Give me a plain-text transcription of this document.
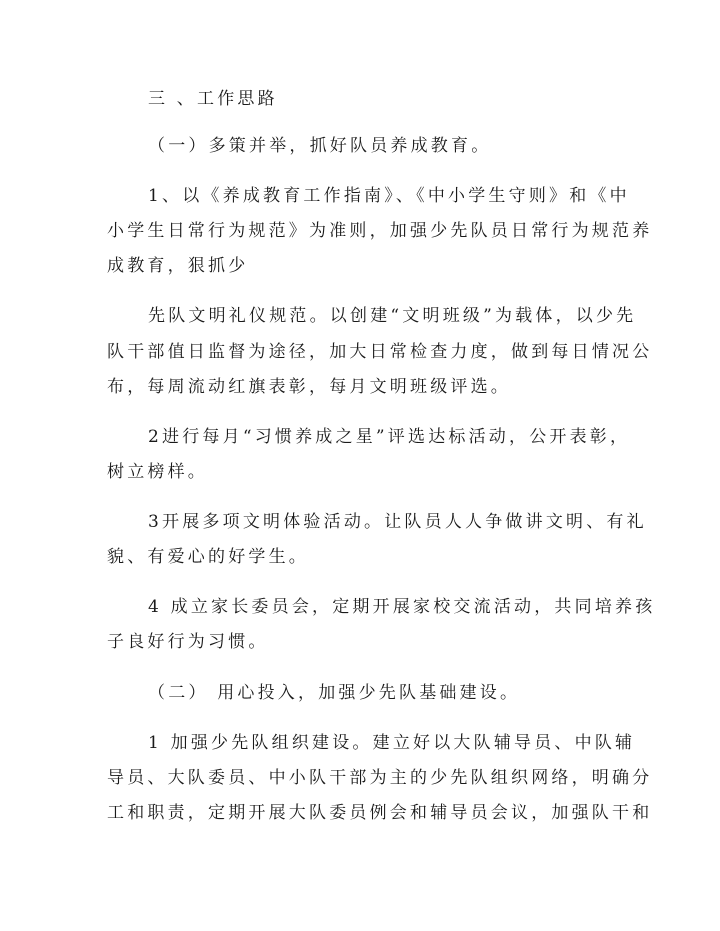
三 、工作思路
（一）多策并举，抓好队员养成教育。
1、以《养成教育工作指南》、《中小学生守则》和《中
小学生日常行为规范》为准则，加强少先队员日常行为规范养
成教育，狠抓少
先队文明礼仪规范。以创建“文明班级”为载体，以少先
队干部值日监督为途径，加大日常检查力度，做到每日情况公
布，每周流动红旗表彰，每月文明班级评选。
2进行每月“习惯养成之星”评选达标活动，公开表彰，
树立榜样。
3开展多项文明体验活动。让队员人人争做讲文明、有礼
貌、有爱心的好学生。
4 成立家长委员会，定期开展家校交流活动，共同培养孩
子良好行为习惯。
（二） 用心投入，加强少先队基础建设。
1 加强少先队组织建设。建立好以大队辅导员、中队辅
导员、大队委员、中小队干部为主的少先队组织网络，明确分
工和职责，定期开展大队委员例会和辅导员会议，加强队干和
